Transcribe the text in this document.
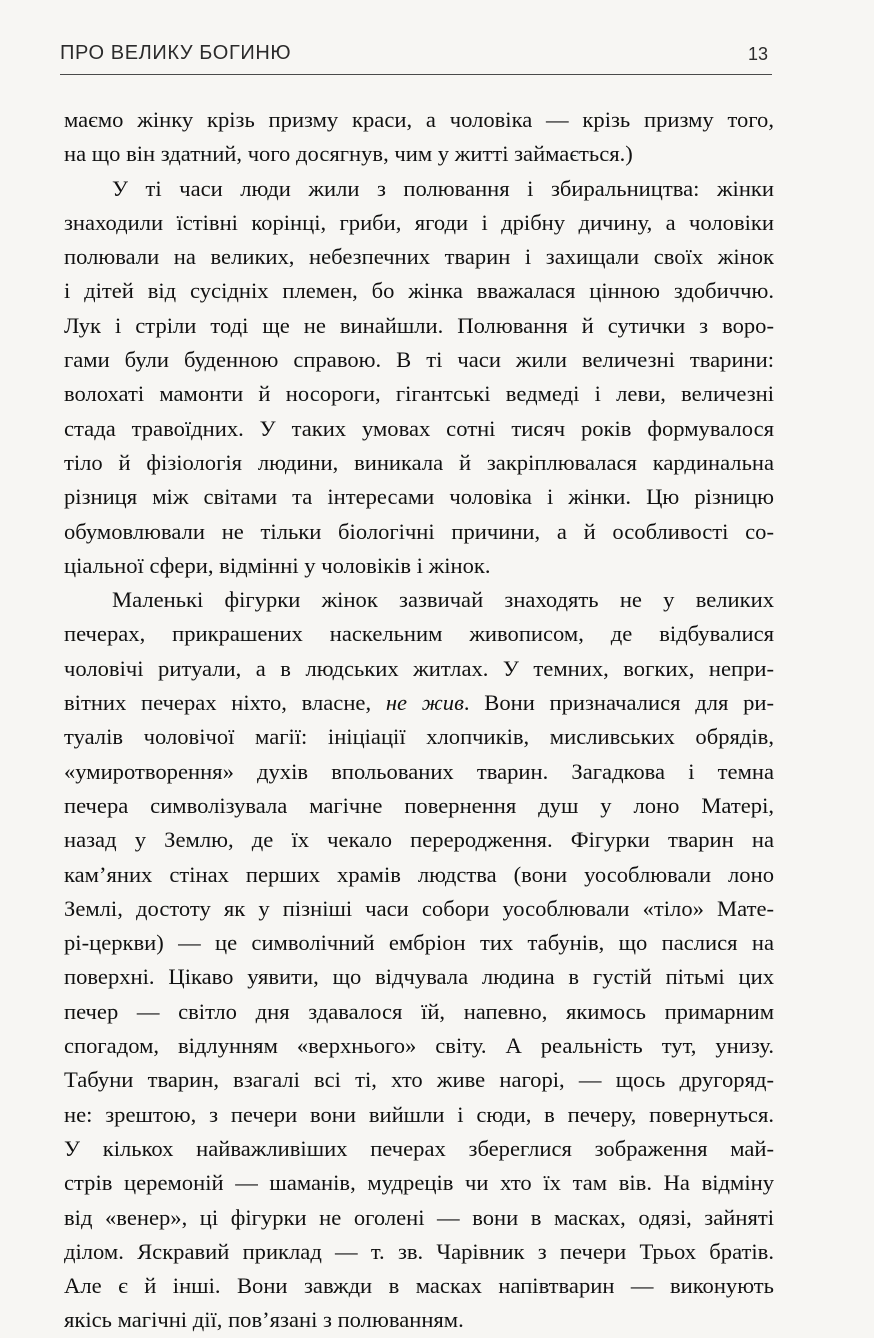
ПРО ВЕЛИКУ БОГИНЮ	13
маємо жінку крізь призму краси, а чоловіка — крізь призму того,
на що він здатний, чого досягнув, чим у житті займається.)
У ті часи люди жили з полювання і збиральництва: жінки
знаходили їстівні корінці, гриби, ягоди і дрібну дичину, а чоловіки
полювали на великих, небезпечних тварин і захищали своїх жінок
і дітей від сусідніх племен, бо жінка вважалася цінною здобиччю.
Лук і стріли тоді ще не винайшли. Полювання й сутички з воро-
гами були буденною справою. В ті часи жили величезні тварини:
волохаті мамонти й носороги, гігантські ведмеді і леви, величезні
стада травоїдних. У таких умовах сотні тисяч років формувалося
тіло й фізіологія людини, виникала й закріплювалася кардинальна
різниця між світами та інтересами чоловіка і жінки. Цю різницю
обумовлювали не тільки біологічні причини, а й особливості со-
ціальної сфери, відмінні у чоловіків і жінок.
Маленькі фігурки жінок зазвичай знаходять не у великих
печерах, прикрашених наскельним живописом, де відбувалися
чоловічі ритуали, а в людських житлах. У темних, вогких, непри-
вітних печерах ніхто, власне, не жив. Вони призначалися для ри-
туалів чоловічої магії: ініціації хлопчиків, мисливських обрядів,
«умиротворення» духів впольованих тварин. Загадкова і темна
печера символізувала магічне повернення душ у лоно Матері,
назад у Землю, де їх чекало переродження. Фігурки тварин на
кам’яних стінах перших храмів людства (вони уособлювали лоно
Землі, достоту як у пізніші часи собори уособлювали «тіло» Мате-
рі-церкви) — це символічний ембріон тих табунів, що паслися на
поверхні. Цікаво уявити, що відчувала людина в густій пітьмі цих
печер — світло дня здавалося їй, напевно, якимось примарним
спогадом, відлунням «верхнього» світу. А реальність тут, унизу.
Табуни тварин, взагалі всі ті, хто живе нагорі, — щось другоряд-
не: зрештою, з печери вони вийшли і сюди, в печеру, повернуться.
У кількох найважливіших печерах збереглися зображення май-
стрів церемоній — шаманів, мудреців чи хто їх там вів. На відміну
від «венер», ці фігурки не оголені — вони в масках, одязі, зайняті
ділом. Яскравий приклад — т. зв. Чарівник з печери Трьох братів.
Але є й інші. Вони завжди в масках напівтварин — виконують
якісь магічні дії, пов’язані з полюванням.
